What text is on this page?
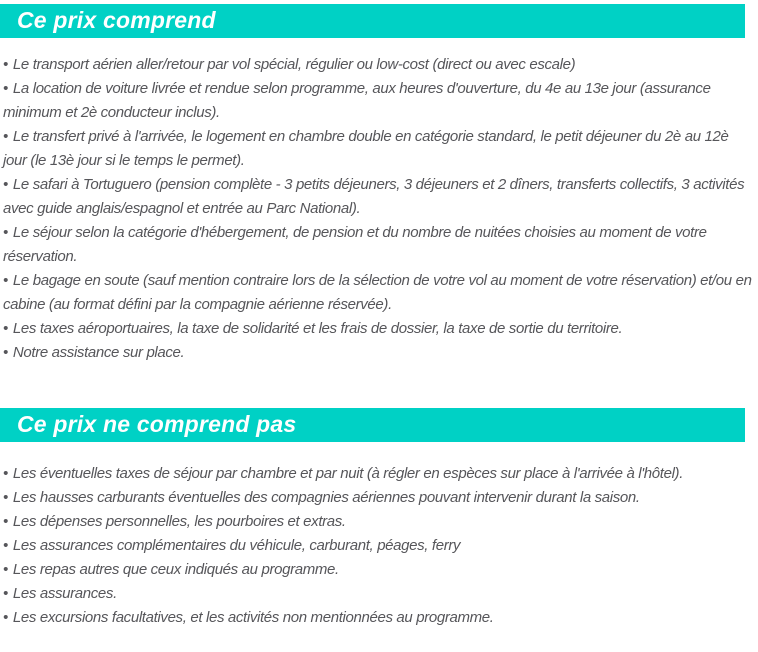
Ce prix comprend

• Le transport aérien aller/retour par vol spécial, régulier ou low-cost (direct ou avec escale)

• La location de voiture livrée et rendue selon programme, aux heures d'ouverture, du 4e au 13e jour (assurance minimum et 2è conducteur inclus).

• Le transfert privé à l'arrivée, le logement en chambre double en catégorie standard, le petit déjeuner du 2è au 12è jour (le 13è jour si le temps le permet).

• Le safari à Tortuguero (pension complète - 3 petits déjeuners, 3 déjeuners et 2 dîners, transferts collectifs, 3 activités avec guide anglais/espagnol et entrée au Parc National).

• Le séjour selon la catégorie d'hébergement, de pension et du nombre de nuitées choisies au moment de votre réservation.

• Le bagage en soute (sauf mention contraire lors de la sélection de votre vol au moment de votre réservation) et/ou en cabine (au format défini par la compagnie aérienne réservée).

• Les taxes aéroportuaires, la taxe de solidarité et les frais de dossier, la taxe de sortie du territoire.

• Notre assistance sur place.

Ce prix ne comprend pas

• Les éventuelles taxes de séjour par chambre et par nuit (à régler en espèces sur place à l'arrivée à l'hôtel).

• Les hausses carburants éventuelles des compagnies aériennes pouvant intervenir durant la saison.

• Les dépenses personnelles, les pourboires et extras.

• Les assurances complémentaires du véhicule, carburant, péages, ferry

• Les repas autres que ceux indiqués au programme.

• Les assurances.

• Les excursions facultatives, et les activités non mentionnées au programme.
